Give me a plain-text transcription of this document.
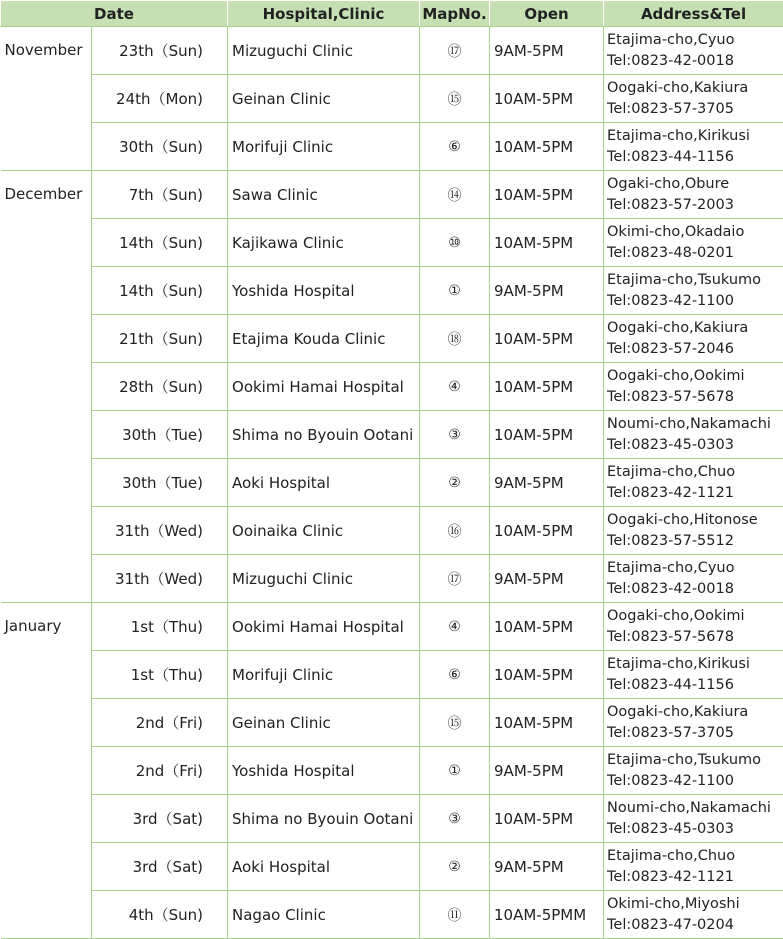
Date		Hospital,Clinic	MapNo.	Open	Address&Tel
November	23th（Sun)	Mizuguchi Clinic	⑰	9AM-5PM	Etajima-cho,Cyuo
Tel:0823-42-0018

	24th（Mon)	Geinan Clinic	⑮	10AM-5PM	Oogaki-cho,Kakiura
Tel:0823-57-3705

	30th（Sun)	Morifuji Clinic	⑥	10AM-5PM	Etajima-cho,Kirikusi
Tel:0823-44-1156

December	7th（Sun)	Sawa Clinic	⑭	10AM-5PM	Ogaki-cho,Obure
Tel:0823-57-2003

	14th（Sun)	Kajikawa Clinic	⑩	10AM-5PM	Okimi-cho,Okadaio
Tel:0823-48-0201

	14th（Sun)	Yoshida Hospital	①	9AM-5PM	Etajima-cho,Tsukumo
Tel:0823-42-1100

	21th（Sun)	Etajima Kouda Clinic	⑱	10AM-5PM	Oogaki-cho,Kakiura
Tel:0823-57-2046

	28th（Sun)	Ookimi Hamai Hospital	④	10AM-5PM	Oogaki-cho,Ookimi
Tel:0823-57-5678

	30th（Tue)	Shima no Byouin Ootani	③	10AM-5PM	Noumi-cho,Nakamachi
Tel:0823-45-0303

	30th（Tue)	Aoki Hospital	②	9AM-5PM	Etajima-cho,Chuo
Tel:0823-42-1121

	31th（Wed)	Ooinaika Clinic	⑯	10AM-5PM	Oogaki-cho,Hitonose
Tel:0823-57-5512

	31th（Wed)	Mizuguchi Clinic	⑰	9AM-5PM	Etajima-cho,Cyuo
Tel:0823-42-0018

January	1st（Thu)	Ookimi Hamai Hospital	④	10AM-5PM	Oogaki-cho,Ookimi
Tel:0823-57-5678

	1st（Thu)	Morifuji Clinic	⑥	10AM-5PM	Etajima-cho,Kirikusi
Tel:0823-44-1156

	2nd（Fri)	Geinan Clinic	⑮	10AM-5PM	Oogaki-cho,Kakiura
Tel:0823-57-3705

	2nd（Fri)	Yoshida Hospital	①	9AM-5PM	Etajima-cho,Tsukumo
Tel:0823-42-1100

	3rd（Sat)	Shima no Byouin Ootani	③	10AM-5PM	Noumi-cho,Nakamachi
Tel:0823-45-0303

	3rd（Sat)	Aoki Hospital	②	9AM-5PM	Etajima-cho,Chuo
Tel:0823-42-1121

	4th（Sun)	Nagao Clinic	⑪	10AM-5PMM	Okimi-cho,Miyoshi
Tel:0823-47-0204
